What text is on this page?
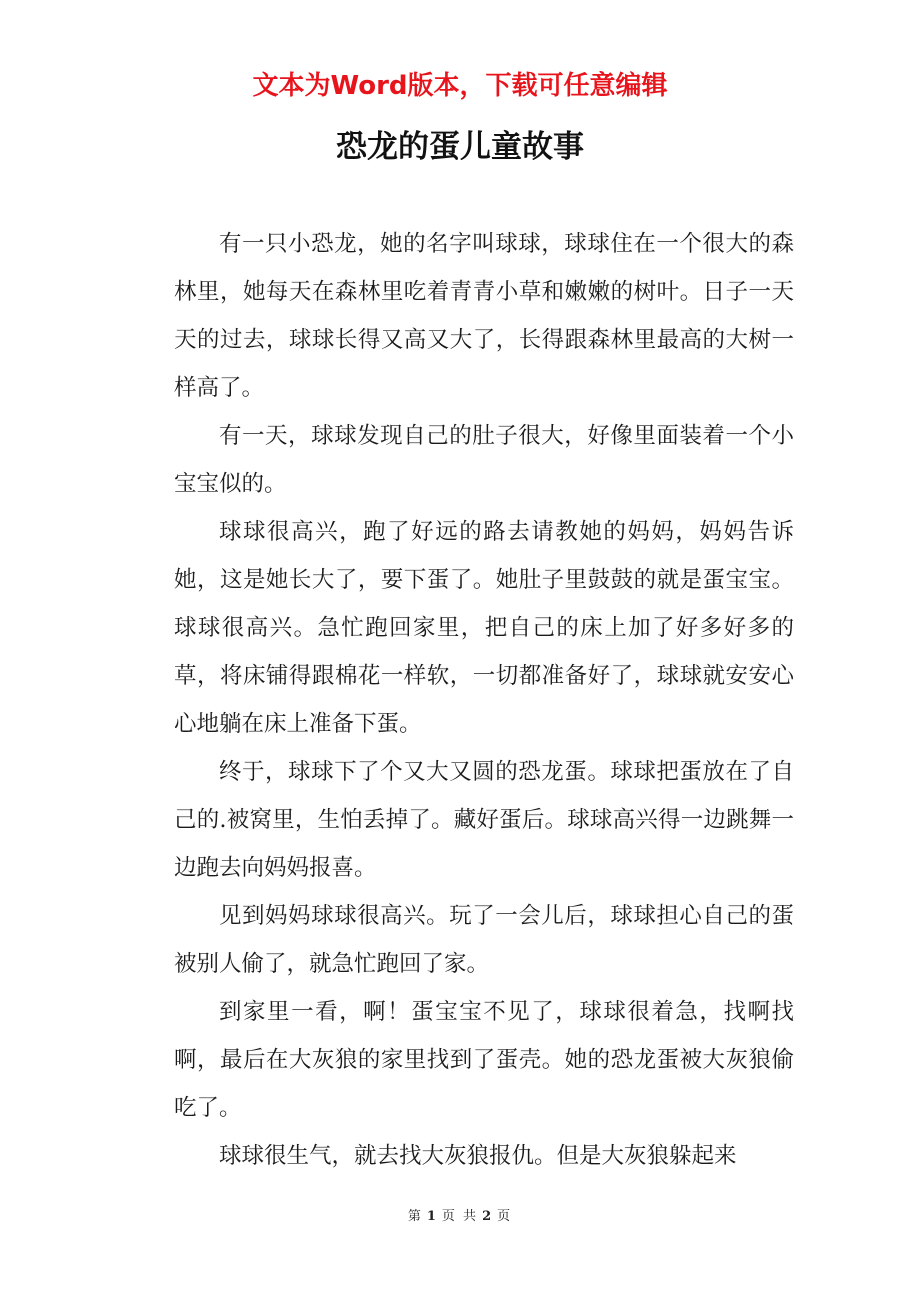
文本为Word版本，下载可任意编辑
恐龙的蛋儿童故事

有一只小恐龙，她的名字叫球球，球球住在一个很大的森林里，她每天在森林里吃着青青小草和嫩嫩的树叶。日子一天天的过去，球球长得又高又大了，长得跟森林里最高的大树一样高了。

有一天，球球发现自己的肚子很大，好像里面装着一个小宝宝似的。

球球很高兴，跑了好远的路去请教她的妈妈，妈妈告诉她，这是她长大了，要下蛋了。她肚子里鼓鼓的就是蛋宝宝。球球很高兴。急忙跑回家里，把自己的床上加了好多好多的草，将床铺得跟棉花一样软，一切都准备好了，球球就安安心心地躺在床上准备下蛋。

终于，球球下了个又大又圆的恐龙蛋。球球把蛋放在了自己的.被窝里，生怕丢掉了。藏好蛋后。球球高兴得一边跳舞一边跑去向妈妈报喜。

见到妈妈球球很高兴。玩了一会儿后，球球担心自己的蛋被别人偷了，就急忙跑回了家。

到家里一看，啊！蛋宝宝不见了，球球很着急，找啊找啊，最后在大灰狼的家里找到了蛋壳。她的恐龙蛋被大灰狼偷吃了。

球球很生气，就去找大灰狼报仇。但是大灰狼躲起来

第 1 页 共 2 页
